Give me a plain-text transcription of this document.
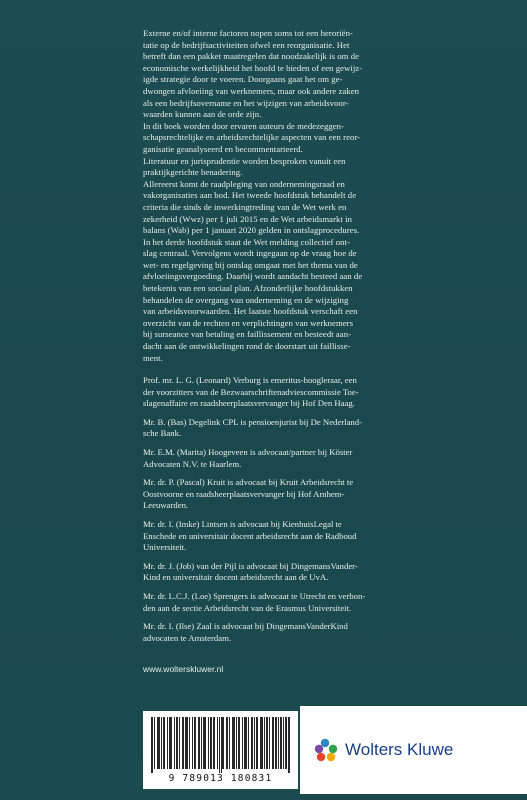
Externe en/of interne factoren nopen soms tot een heroriën-

tatie op de bedrijfsactiviteiten ofwel een reorganisatie. Het

betreft dan een pakket maatregelen dat noodzakelijk is om de

economische werkelijkheid het hoofd te bieden of een gewijz-

igde strategie door te voeren. Doorgaans gaat het om ge-

dwongen afvloeiing van werknemers, maar ook andere zaken

als een bedrijfsovername en het wijzigen van arbeidsvoor-

waarden kunnen aan de orde zijn.

In dit boek worden door ervaren auteurs de medezeggen-

schapsrechtelijke en arbeidsrechtelijke aspecten van een reor-

ganisatie geanalyseerd en becommentarieerd.

Literatuur en jurisprudentie worden besproken vanuit een

praktijkgerichte benadering.

Allereerst komt de raadpleging van ondernemingsraad en

vakorganisaties aan bod. Het tweede hoofdstuk behandelt de

criteria die sinds de inwerkingtreding van de Wet werk en

zekerheid (Wwz) per 1 juli 2015 en de Wet arbeidsmarkt in

balans (Wab) per 1 januari 2020 gelden in ontslagprocedures.

In het derde hoofdstuk staat de Wet melding collectief ont-

slag centraal. Vervolgens wordt ingegaan op de vraag hoe de

wet- en regelgeving bij ontslag omgaat met het thema van de

afvloeiingsvergoeding. Daarbij wordt aandacht besteed aan de

betekenis van een sociaal plan. Afzonderlijke hoofdstukken

behandelen de overgang van onderneming en de wijziging

van arbeidsvoorwaarden. Het laatste hoofdstuk verschaft een

overzicht van de rechten en verplichtingen van werknemers

bij surseance van betaling en faillissement en besteedt aan-

dacht aan de ontwikkelingen rond de doorstart uit faillisse-

ment.

Prof. mr. L. G. (Leonard) Verburg is emeritus-hoogleraar, een
der voorzitters van de Bezwaarschriftenadviescommissie Toe-
slagenaffaire en raadsheerplaatsvervanger bij Hof Den Haag.

Mr. B. (Bas) Degelink CPL is pensioenjurist bij De Nederland-
sche Bank.

Mr. E.M. (Marita) Hoogeveen is advocaat/partner bij Köster
Advocaten N.V. te Haarlem.

Mr. dr. P. (Pascal) Kruit is advocaat bij Kruit Arbeidsrecht te
Oostvoorne en raadsheerplaatsvervanger bij Hof Arnhem-
Leeuwarden.

Mr. dr. I. (Imke) Lintsen is advocaat bij KienhuisLegal te
Enschede en universitair docent arbeidsrecht aan de Radboud
Universiteit.

Mr. dr. J. (Job) van der Pijl is advocaat bij DingemansVander-
Kind en universitair docent arbeidsrecht aan de UvA.

Mr. dr. L.C.J. (Loe) Sprengers is advocaat te Utrecht en verbon-
den aan de sectie Arbeidsrecht van de Erasmus Universiteit.

Mr. dr. I. (Ilse) Zaal is advocaat bij DingemansVanderKind
advocaten te Amsterdam.

www.wolterskluwer.nl
9 789013 180831
Wolters Kluwe
